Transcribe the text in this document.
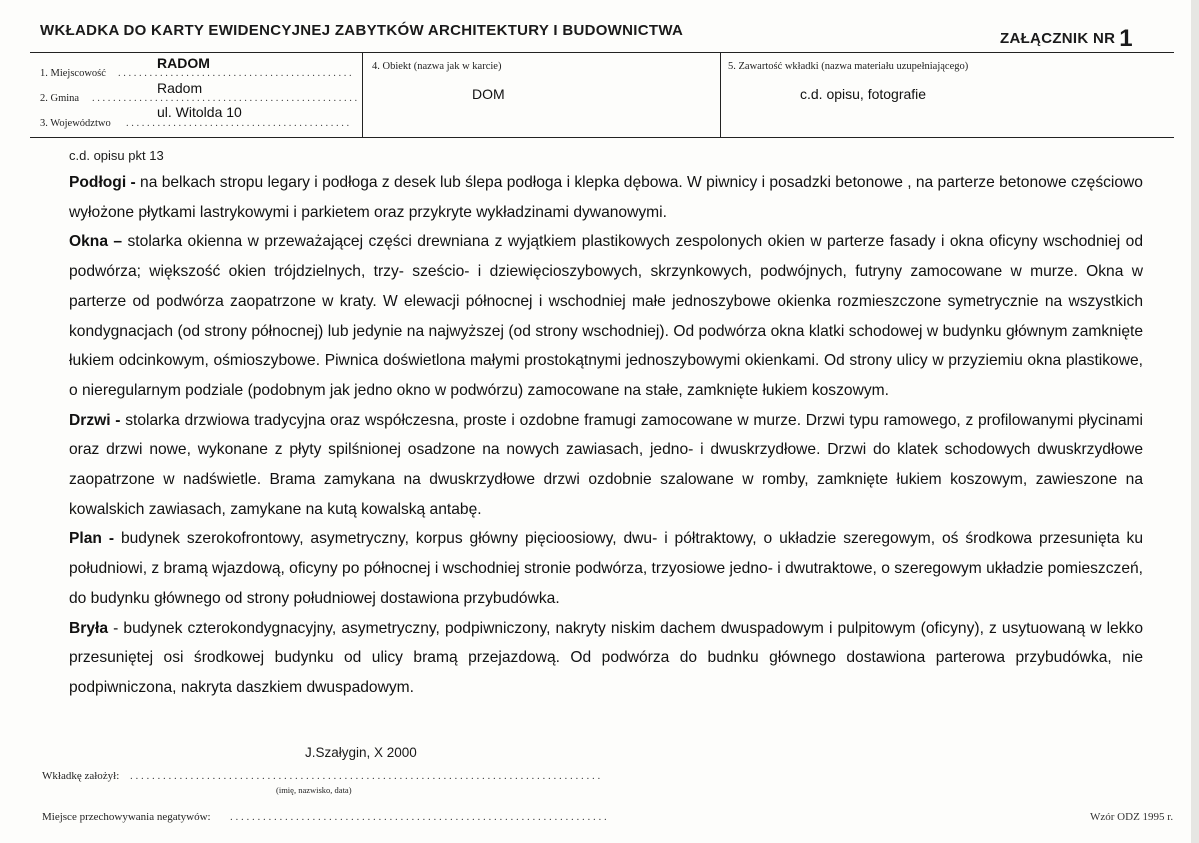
WKŁADKA DO KARTY EWIDENCYJNEJ ZABYTKÓW ARCHITEKTURY I BUDOWNICTWA	ZAŁĄCZNIK NR 1
1. Miejscowość . . . . . . . . . . . . . . . . . . . . . . . . . . . . . . . . . . . . . . . . . . . . .
RADOM
2. Gmina . . . . . . . . . . . . . . . . . . . . . . . . . . . . . . . . . . . . . . . . . . . . . . . . . . .
Radom
3. Województwo . . . . . . . . . . . . . . . . . . . . . . . . . . . . . . . . . . . . . . . . . . .
ul. Witolda 10
4. Obiekt (nazwa jak w karcie)
DOM
5. Zawartość wkładki (nazwa materiału uzupełniającego)
c.d. opisu, fotografie
c.d. opisu pkt 13

Podłogi - na belkach stropu legary i podłoga z desek lub ślepa podłoga i klepka dębowa. W piwnicy i posadzki betonowe , na parterze betonowe częściowo wyłożone płytkami lastrykowymi i parkietem oraz przykryte wykładzinami dywanowymi.

Okna – stolarka okienna w przeważającej części drewniana z wyjątkiem plastikowych zespolonych okien w parterze fasady i okna oficyny wschodniej od podwórza; większość okien trójdzielnych, trzy- sześcio- i dziewięcioszybowych, skrzynkowych, podwójnych, futryny zamocowane w murze. Okna w parterze od podwórza zaopatrzone w kraty. W elewacji północnej i wschodniej małe jednoszybowe okienka rozmieszczone symetrycznie na wszystkich kondygnacjach (od strony północnej) lub jedynie na najwyższej (od strony wschodniej). Od podwórza okna klatki schodowej w budynku głównym zamknięte łukiem odcinkowym, ośmioszybowe. Piwnica doświetlona małymi prostokątnymi jednoszybowymi okienkami. Od strony ulicy w przyziemiu okna plastikowe, o nieregularnym podziale (podobnym jak jedno okno w podwórzu) zamocowane na stałe, zamknięte łukiem koszowym.

Drzwi - stolarka drzwiowa tradycyjna oraz współczesna, proste i ozdobne framugi zamocowane w murze. Drzwi typu ramowego, z profilowanymi płycinami oraz drzwi nowe, wykonane z płyty spilśnionej osadzone na nowych zawiasach, jedno- i dwuskrzydłowe. Drzwi do klatek schodowych dwuskrzydłowe zaopatrzone w nadświetle. Brama zamykana na dwuskrzydłowe drzwi ozdobnie szalowane w romby, zamknięte łukiem koszowym, zawieszone na kowalskich zawiasach, zamykane na kutą kowalską antabę.

Plan - budynek szerokofrontowy, asymetryczny, korpus główny pięcioosiowy, dwu- i półtraktowy, o układzie szeregowym, oś środkowa przesunięta ku południowi, z bramą wjazdową, oficyny po północnej i wschodniej stronie podwórza, trzyosiowe jedno- i dwutraktowe, o szeregowym układzie pomieszczeń, do budynku głównego od strony południowej dostawiona przybudówka.

Bryła - budynek czterokondygnacyjny, asymetryczny, podpiwniczony, nakryty niskim dachem dwuspadowym i pulpitowym (oficyny), z usytuowaną w lekko przesuniętej osi środkowej budynku od ulicy bramą przejazdową. Od podwórza do budnku głównego dostawiona parterowa przybudówka, nie podpiwniczona, nakryta daszkiem dwuspadowym.

J.Szałygin, X 2000
Wkładkę założył: . . . . . . . . . . . . . . . . . . . . . . . . . . . . . . . . . . . . . . . . . . . . . . . . . . . . . . . . . . . . . . . . . . . . . . . . . . . . . . . . . . . . . .
(imię, nazwisko, data)
Miejsce przechowywania negatywów: . . . . . . . . . . . . . . . . . . . . . . . . . . . . . . . . . . . . . . . . . . . . . . . . . . . . . . . . . . . . . . . . . . . . .	Wzór ODZ 1995 r.
